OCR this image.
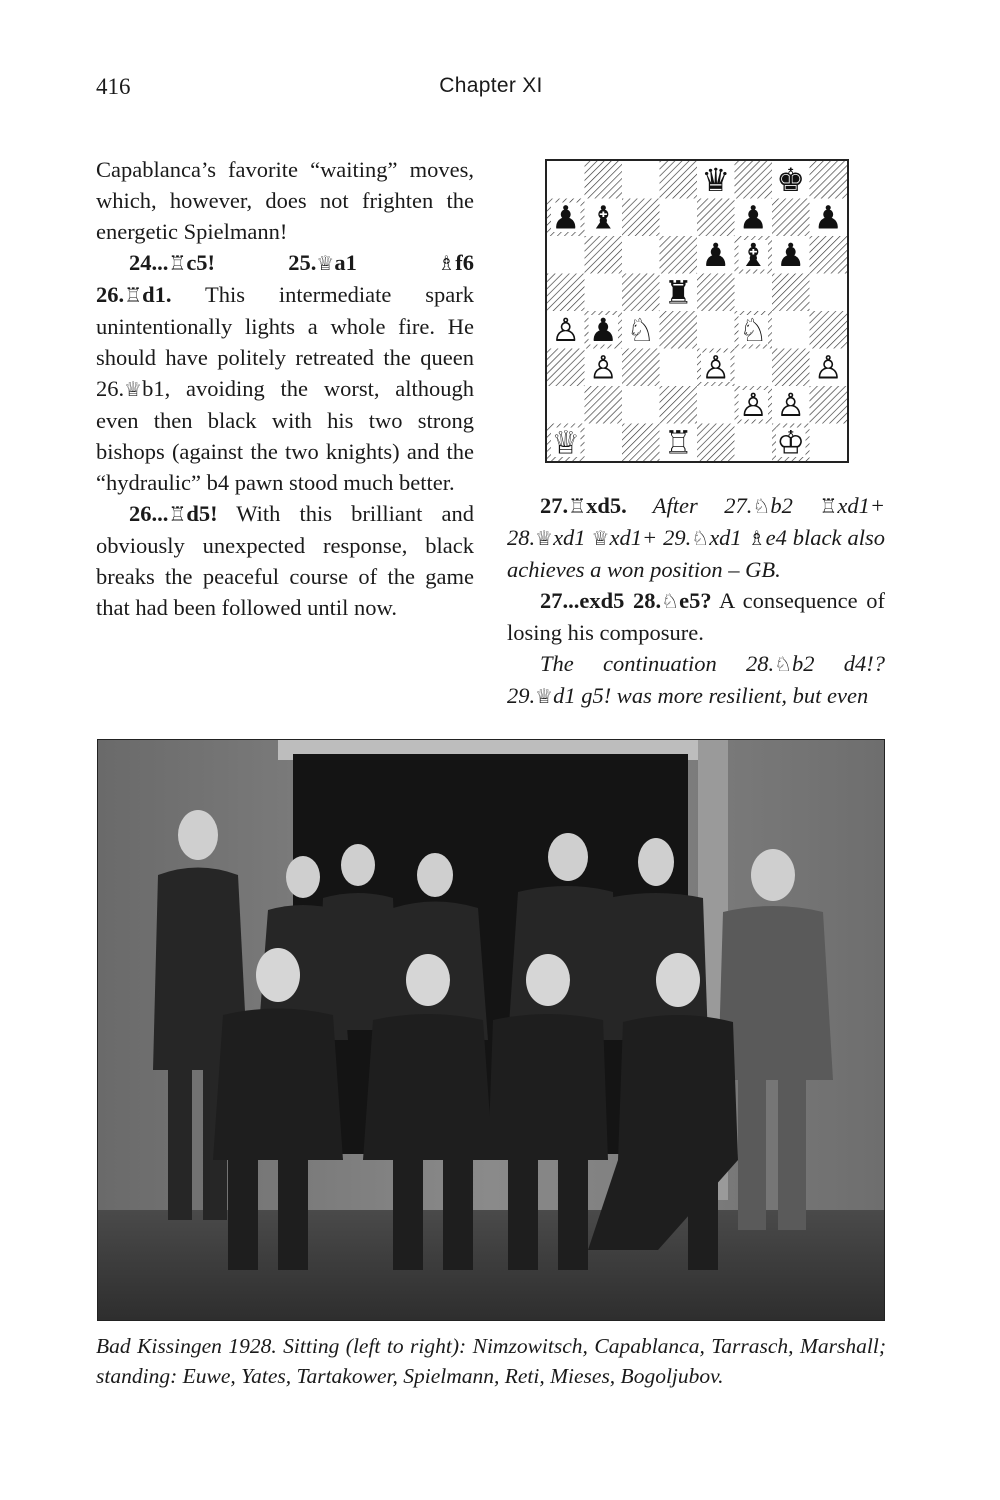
416	Chapter XI

Capablanca’s favorite “waiting” moves, which, however, does not frighten the energetic Spielmann!

24...♖c5!	25.♕a1	♗f6 26.♖d1. This intermediate spark unintentionally lights a whole fire. He should have politely retreated the queen 26.♕b1, avoiding the worst, although even then black with his two strong bishops (against the two knights) and the “hydraulic” b4 pawn stood much better.

26...♖d5! With this brilliant and obviously unexpected response, black breaks the peaceful course of the game that had been followed until now.

♕	♖	♔
♙ ♙
♙	♙	♙
♙ ♘	♘
♛ ♚
♟ ♝	♟ ♟
♟ ♝ ♟
♜
♟

27.♖xd5. After 27.♘b2 ♖xd1+ 28.♕xd1 ♕xd1+ 29.♘xd1 ♗e4 black also achieves a won position – GB.

27...exd5 28.♘e5? A consequence of losing his composure.

The continuation 28.♘b2 d4!? 29.♕d1 g5! was more resilient, but even

Bad Kissingen 1928. Sitting (left to right): Nimzowitsch, Capablanca, Tarrasch, Marshall; standing: Euwe, Yates, Tartakower, Spielmann, Reti, Mieses, Bogoljubov.
